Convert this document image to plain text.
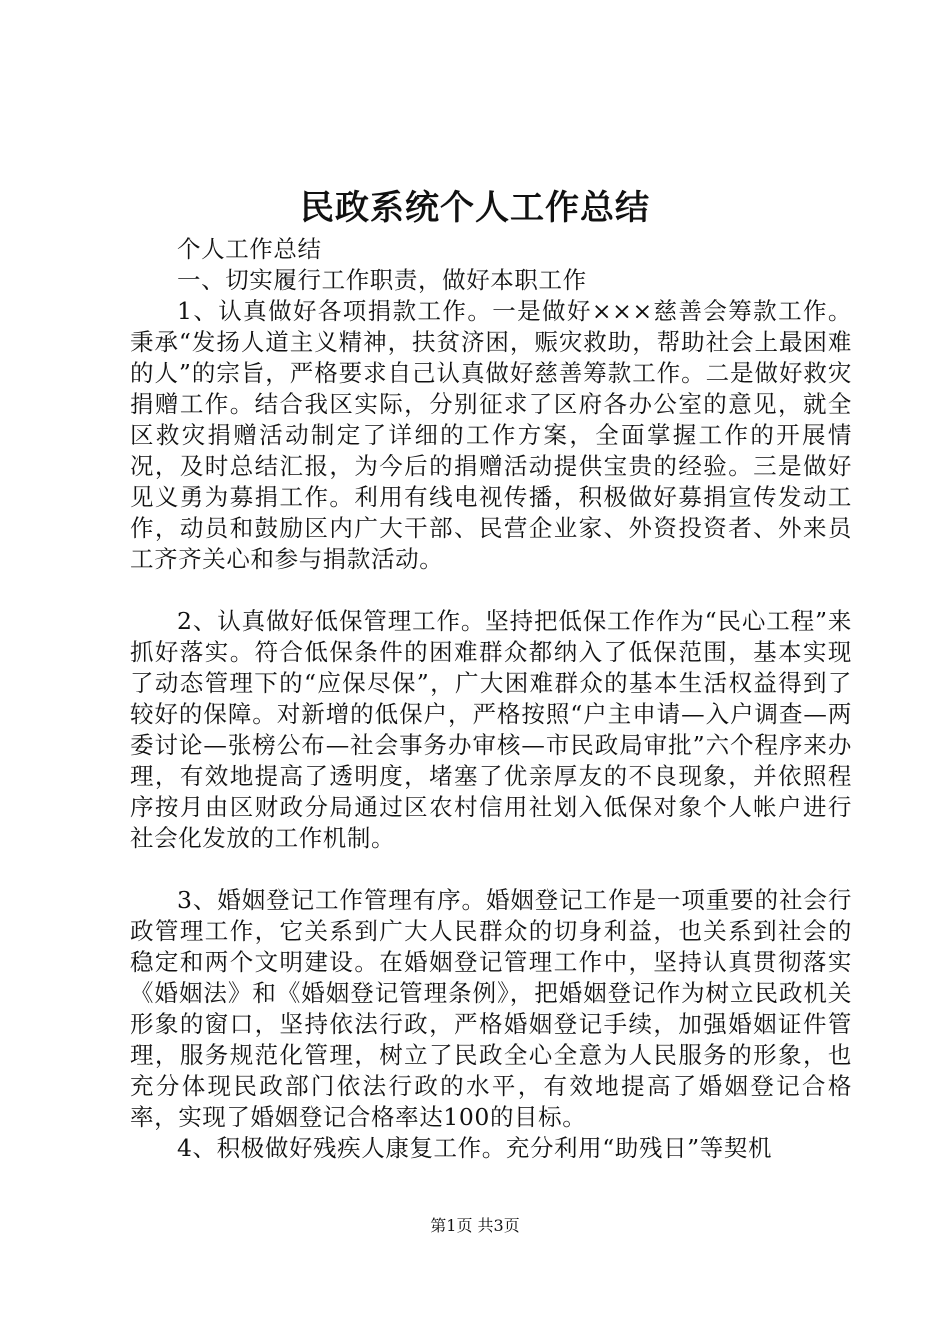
民政系统个人工作总结

个人工作总结

一、切实履行工作职责，做好本职工作

1、认真做好各项捐款工作。一是做好×××慈善会筹款工作。秉承“发扬人道主义精神，扶贫济困，赈灾救助，帮助社会上最困难的人”的宗旨，严格要求自己认真做好慈善筹款工作。二是做好救灾捐赠工作。结合我区实际，分别征求了区府各办公室的意见，就全区救灾捐赠活动制定了详细的工作方案，全面掌握工作的开展情况，及时总结汇报，为今后的捐赠活动提供宝贵的经验。三是做好见义勇为募捐工作。利用有线电视传播，积极做好募捐宣传发动工作，动员和鼓励区内广大干部、民营企业家、外资投资者、外来员工齐齐关心和参与捐款活动。

2、认真做好低保管理工作。坚持把低保工作作为“民心工程”来抓好落实。符合低保条件的困难群众都纳入了低保范围，基本实现了动态管理下的“应保尽保”，广大困难群众的基本生活权益得到了较好的保障。对新增的低保户，严格按照“户主申请—入户调查—两委讨论—张榜公布—社会事务办审核—市民政局审批”六个程序来办理，有效地提高了透明度，堵塞了优亲厚友的不良现象，并依照程序按月由区财政分局通过区农村信用社划入低保对象个人帐户进行社会化发放的工作机制。

3、婚姻登记工作管理有序。婚姻登记工作是一项重要的社会行政管理工作，它关系到广大人民群众的切身利益，也关系到社会的稳定和两个文明建设。在婚姻登记管理工作中，坚持认真贯彻落实《婚姻法》和《婚姻登记管理条例》，把婚姻登记作为树立民政机关形象的窗口，坚持依法行政，严格婚姻登记手续，加强婚姻证件管理，服务规范化管理，树立了民政全心全意为人民服务的形象，也充分体现民政部门依法行政的水平，有效地提高了婚姻登记合格率，实现了婚姻登记合格率达100的目标。

4、积极做好残疾人康复工作。充分利用“助残日”等契机

第1页 共3页
